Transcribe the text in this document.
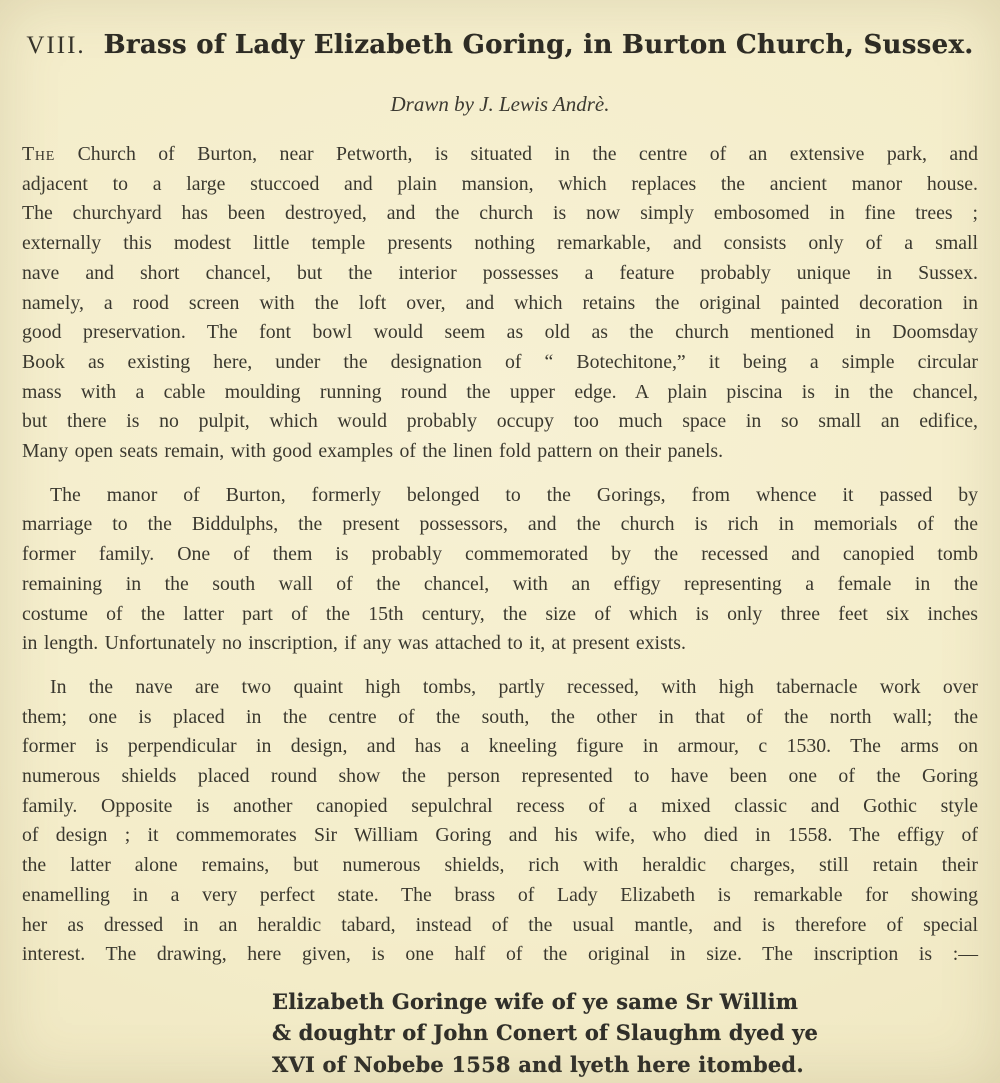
VIII. Brass of Lady Elizabeth Goring, in Burton Church, Sussex.
Drawn by J. Lewis Andrè.

The Church of Burton, near Petworth, is situated in the centre of an extensive park, and
adjacent to a large stuccoed and plain mansion, which replaces the ancient manor house.
The churchyard has been destroyed, and the church is now simply embosomed in fine trees ;
externally this modest little temple presents nothing remarkable, and consists only of a small
nave and short chancel, but the interior possesses a feature probably unique in Sussex.
namely, a rood screen with the loft over, and which retains the original painted decoration in
good preservation. The font bowl would seem as old as the church mentioned in Doomsday
Book as existing here, under the designation of “ Botechitone,” it being a simple circular
mass with a cable moulding running round the upper edge. A plain piscina is in the chancel,
but there is no pulpit, which would probably occupy too much space in so small an edifice,
Many open seats remain, with good examples of the linen fold pattern on their panels.

The manor of Burton, formerly belonged to the Gorings, from whence it passed by
marriage to the Biddulphs, the present possessors, and the church is rich in memorials of the
former family. One of them is probably commemorated by the recessed and canopied tomb
remaining in the south wall of the chancel, with an effigy representing a female in the
costume of the latter part of the 15th century, the size of which is only three feet six inches
in length. Unfortunately no inscription, if any was attached to it, at present exists.

In the nave are two quaint high tombs, partly recessed, with high tabernacle work over
them; one is placed in the centre of the south, the other in that of the north wall; the
former is perpendicular in design, and has a kneeling figure in armour, c 1530. The arms on
numerous shields placed round show the person represented to have been one of the Goring
family. Opposite is another canopied sepulchral recess of a mixed classic and Gothic style
of design ; it commemorates Sir William Goring and his wife, who died in 1558. The effigy of
the latter alone remains, but numerous shields, rich with heraldic charges, still retain their
enamelling in a very perfect state. The brass of Lady Elizabeth is remarkable for showing
her as dressed in an heraldic tabard, instead of the usual mantle, and is therefore of special
interest. The drawing, here given, is one half of the original in size. The inscription is :—

Elizabeth Goringe wife of ye same Sr Willim
& doughtr of John Conert of Slaughm dyed ye
XVI of Nobebe 1558 and lyeth here itombed.
